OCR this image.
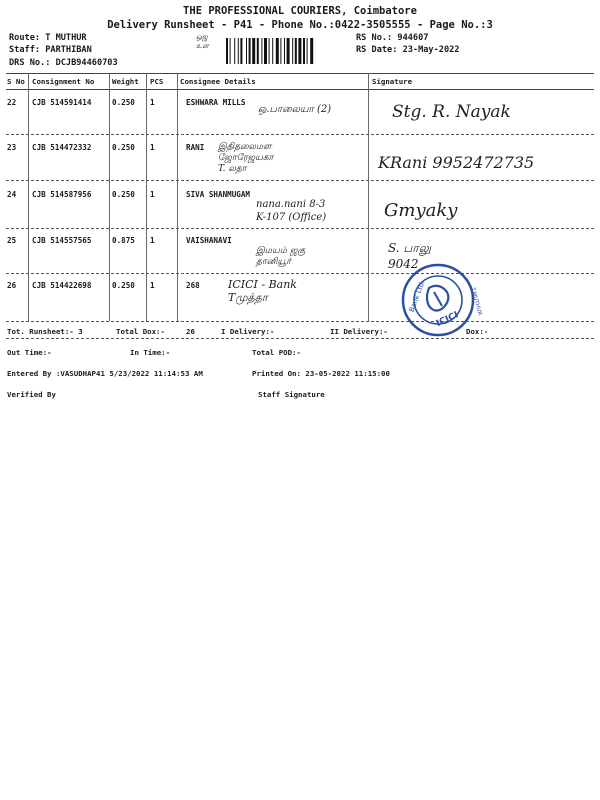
THE PROFESSIONAL COURIERS, Coimbatore
Delivery Runsheet - P41 - Phone No.:0422-3505555 - Page No.:3
Route: T MUTHUR
Staff: PARTHIBAN
DRS No.: DCJB94460703
RS No.: 944607
RS Date: 23-May-2022
ஒஜ
உள
S No Consignment No Weight PCS Consignee Details	Signature
22 CJB 514591414	0.250 1	ESHWARA MILLS
ஒ.பாலையா (2)	Stg. R. Nayak
23 CJB 514472332	0.250 1	RANI இதிதலைமள
ஜோரேஜயகா
T. லதா	KRani 9952472735
24 CJB 514587956	0.250 1	SIVA SHANMUGAM
nana.nani 8-3
K-107 (Office)	Gmyaky
25 CJB 514557565	0.875 1	VAISHANAVI
இமயம் ஜகு
தானியூர்
S. பாலு
9042
26 CJB 514422698	0.250 1	268	ICICI - Bank
Tமுத்தா
ICICI
Bank Ltd.	T.MUTHUR
Tot. Runsheet:- 3	Total Dox:-	26	I Delivery:-	II Delivery:-	Dox:-
Out Time:-	In Time:-	Total POD:-
Entered By :VASUDHAP41 5/23/2022 11:14:53 AM	Printed On: 23-05-2022 11:15:00
Verified By	Staff Signature
